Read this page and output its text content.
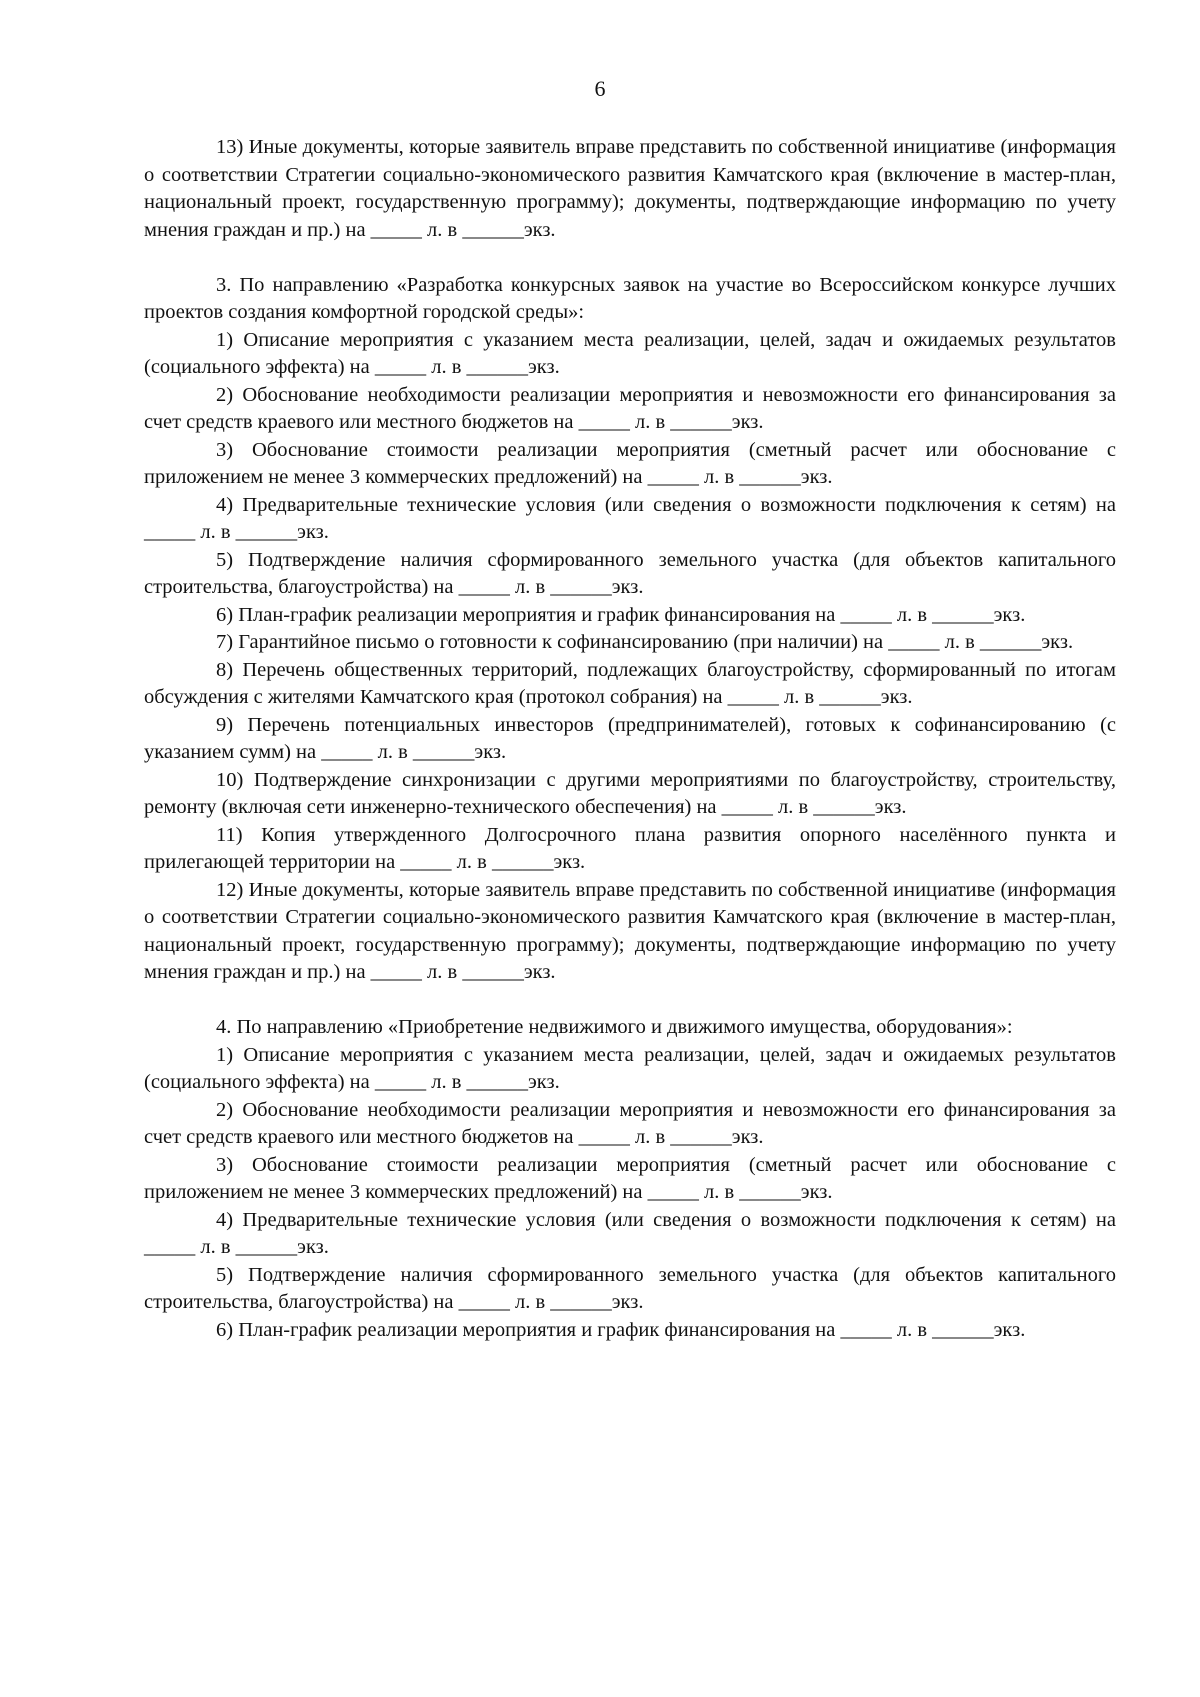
6

13) Иные документы, которые заявитель вправе представить по собственной инициативе (информация о соответствии Стратегии социально-экономического развития Камчатского края (включение в мастер-план, национальный проект, государственную программу); документы, подтверждающие информацию по учету мнения граждан и пр.) на _____ л. в ______экз.

3. По направлению «Разработка конкурсных заявок на участие во Всероссийском конкурсе лучших проектов создания комфортной городской среды»:

1) Описание мероприятия с указанием места реализации, целей, задач и ожидаемых результатов (социального эффекта) на _____ л. в ______экз.

2) Обоснование необходимости реализации мероприятия и невозможности его финансирования за счет средств краевого или местного бюджетов на _____ л. в ______экз.

3) Обоснование стоимости реализации мероприятия (сметный расчет или обоснование с приложением не менее 3 коммерческих предложений) на _____ л. в ______экз.

4) Предварительные технические условия (или сведения о возможности подключения к сетям) на _____ л. в ______экз.

5) Подтверждение наличия сформированного земельного участка (для объектов капитального строительства, благоустройства) на _____ л. в ______экз.

6) План-график реализации мероприятия и график финансирования на _____ л. в ______экз.

7) Гарантийное письмо о готовности к софинансированию (при наличии) на _____ л. в ______экз.

8) Перечень общественных территорий, подлежащих благоустройству, сформированный по итогам обсуждения с жителями Камчатского края (протокол собрания) на _____ л. в ______экз.

9) Перечень потенциальных инвесторов (предпринимателей), готовых к софинансированию (с указанием сумм) на _____ л. в ______экз.

10) Подтверждение синхронизации с другими мероприятиями по благоустройству, строительству, ремонту (включая сети инженерно-технического обеспечения) на _____ л. в ______экз.

11) Копия утвержденного Долгосрочного плана развития опорного населённого пункта и прилегающей территории на _____ л. в ______экз.

12) Иные документы, которые заявитель вправе представить по собственной инициативе (информация о соответствии Стратегии социально-экономического развития Камчатского края (включение в мастер-план, национальный проект, государственную программу); документы, подтверждающие информацию по учету мнения граждан и пр.) на _____ л. в ______экз.

4. По направлению «Приобретение недвижимого и движимого имущества, оборудования»:

1) Описание мероприятия с указанием места реализации, целей, задач и ожидаемых результатов (социального эффекта) на _____ л. в ______экз.

2) Обоснование необходимости реализации мероприятия и невозможности его финансирования за счет средств краевого или местного бюджетов на _____ л. в ______экз.

3) Обоснование стоимости реализации мероприятия (сметный расчет или обоснование с приложением не менее 3 коммерческих предложений) на _____ л. в ______экз.

4) Предварительные технические условия (или сведения о возможности подключения к сетям) на _____ л. в ______экз.

5) Подтверждение наличия сформированного земельного участка (для объектов капитального строительства, благоустройства) на _____ л. в ______экз.

6) План-график реализации мероприятия и график финансирования на _____ л. в ______экз.
